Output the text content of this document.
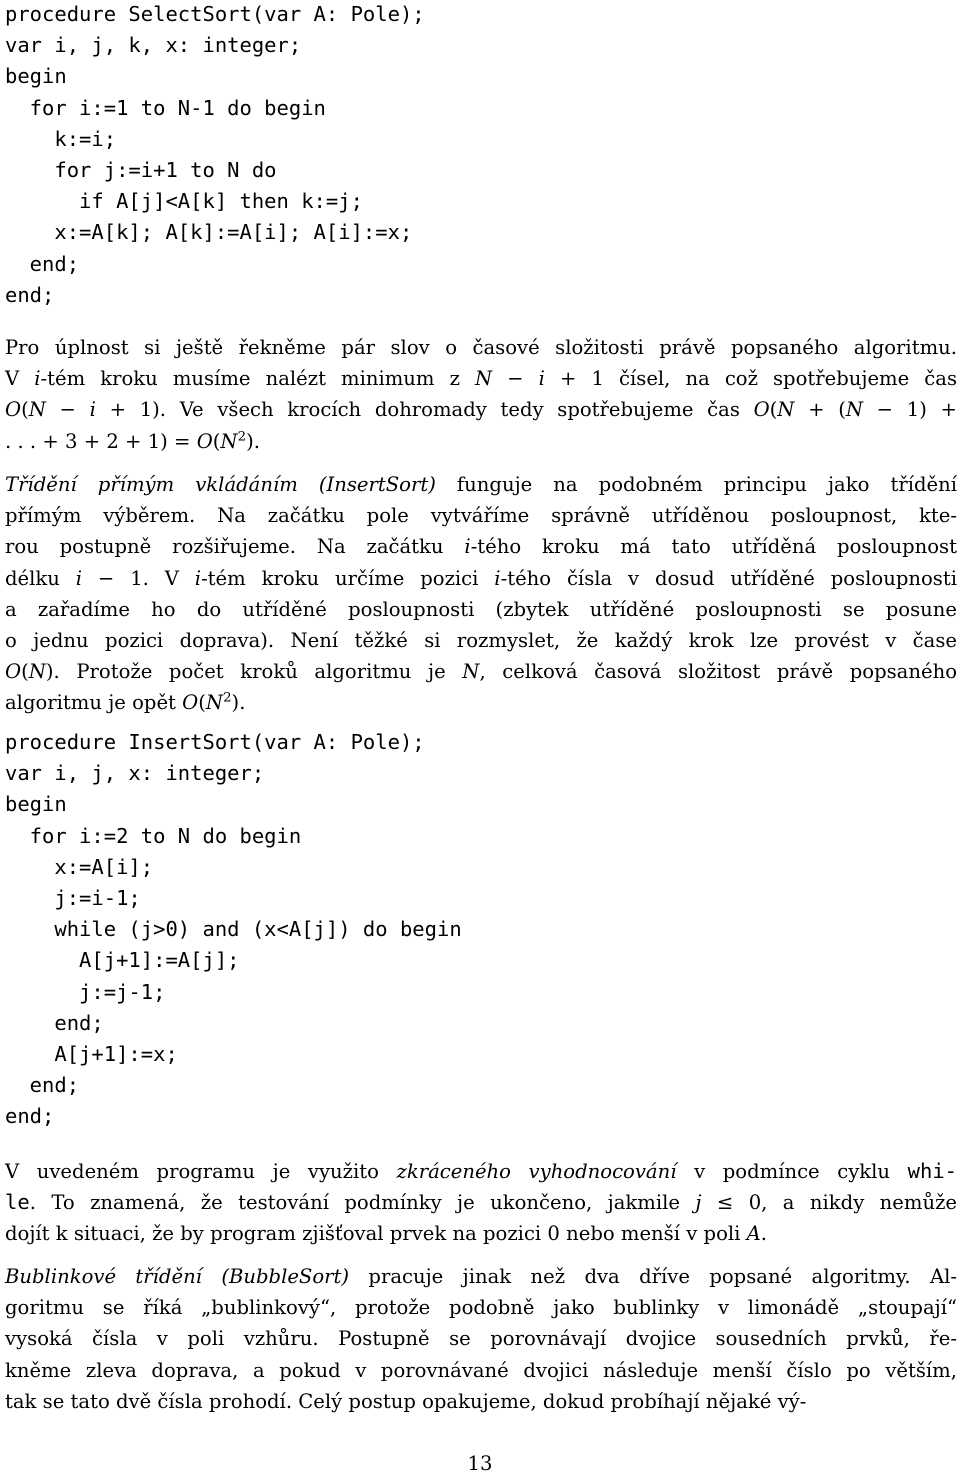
procedure SelectSort(var A: Pole);
var i, j, k, x: integer;
begin
for i:=1 to N-1 do begin
k:=i;
for j:=i+1 to N do
if A[j]<A[k] then k:=j;
x:=A[k]; A[k]:=A[i]; A[i]:=x;
end;
end;
Pro úplnost si ještě řekněme pár slov o časové složitosti právě popsaného algoritmu.
V i-tém kroku musíme nalézt minimum z N − i + 1 čísel, na což spotřebujeme čas
O(N − i + 1). Ve všech krocích dohromady tedy spotřebujeme čas O(N + (N − 1) +
. . . + $3 + 2 + 1) = O(N^2)$.
Třídění přímým vkládáním (InsertSort) funguje na podobném principu jako třídění
přímým výběrem. Na začátku pole vytváříme správně utříděnou posloupnost, kte-
rou postupně rozšiřujeme. Na začátku i-tého kroku má tato utříděná posloupnost
délku i − 1. V i-tém kroku určíme pozici i-tého čísla v dosud utříděné posloupnosti
a zařadíme ho do utříděné posloupnosti (zbytek utříděné posloupnosti se posune
o jednu pozici doprava). Není těžké si rozmyslet, že každý krok lze provést v čase
O(N). Protože počet kroků algoritmu je N, celková časová složitost právě popsaného
algoritmu je opět $O(N^2)$.
procedure InsertSort(var A: Pole);
var i, j, x: integer;
begin
for i:=2 to N do begin
x:=A[i];
j:=i-1;
while (j>0) and (x<A[j]) do begin
A[j+1]:=A[j];
j:=j-1;
end;
A[j+1]:=x;
end;
end;
V uvedeném programu je využito zkráceného vyhodnocování v podmínce cyklu whi-
le. To znamená, že testování podmínky je ukončeno, jakmile j ≤ 0, a nikdy nemůže
dojít k situaci, že by program zjišťoval prvek na pozici 0 nebo menší v poli A.
Bublinkové třídění (BubbleSort) pracuje jinak než dva dříve popsané algoritmy. Al-
goritmu se říká „bublinkový“, protože podobně jako bublinky v limonádě „stoupají“
vysoká čísla v poli vzhůru. Postupně se porovnávají dvojice sousedních prvků, ře-
kněme zleva doprava, a pokud v porovnávané dvojici následuje menší číslo po větším,
tak se tato dvě čísla prohodí. Celý postup opakujeme, dokud probíhají nějaké vý-
13
